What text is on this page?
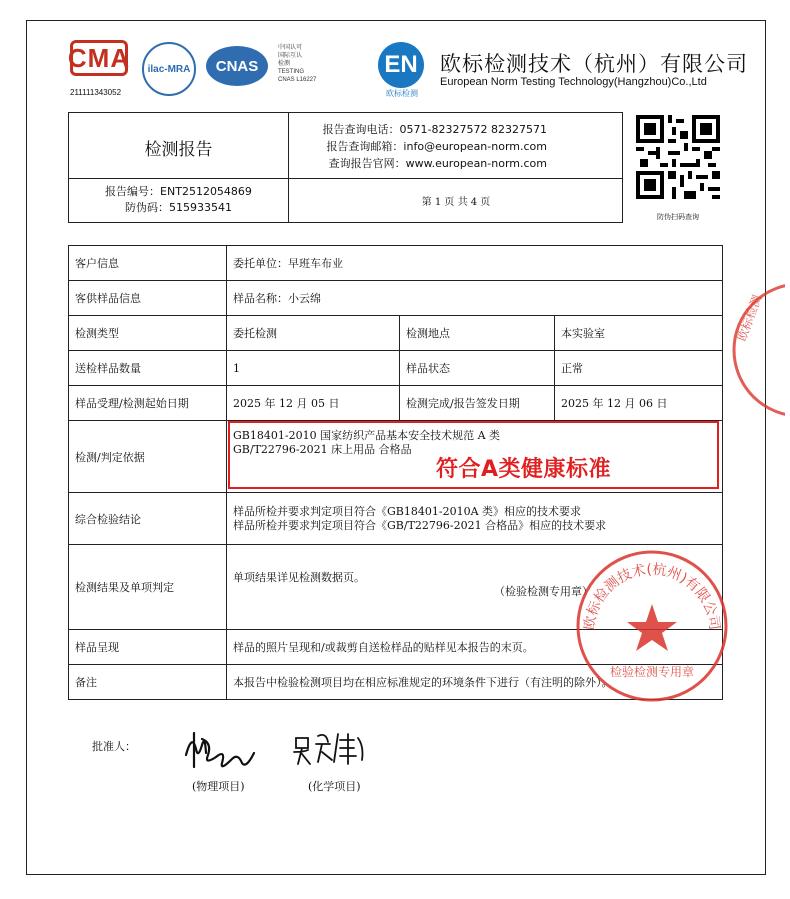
CMA
211111343052
ilac-MRA	CNAS
中国认可
国际互认
检测
TESTING
CNAS L16227
EN
欧标检测
欧标检测技术（杭州）有限公司
European Norm Testing Technology(Hangzhou)Co.,Ltd
检测报告
报告查询电话：0571-82327572 82327571
报告查询邮箱：info@european-norm.com
查询报告官网：www.european-norm.com
报告编号：ENT2512054869
防伪码：515933541	第 1 页 共 4 页
防伪扫码查询
客户信息	委托单位：早班车布业		
客供样品信息	样品名称：小云绵		
检测类型	委托检测	检测地点	本实验室
送检样品数量	1	样品状态	正常
样品受理/检测起始日期	2025 年 12 月 05 日	检测完成/报告签发日期	2025 年 12 月 06 日
检测/判定依据	GB18401-2010 国家纺织产品基本安全技术规范 A 类
GB/T22796-2021 床上用品 合格品		

综合检验结论	样品所检并要求判定项目符合《GB18401-2010A 类》相应的技术要求
样品所检并要求判定项目符合《GB/T22796-2021 合格品》相应的技术要求		

检测结果及单项判定	单项结果详见检测数据页。		

样品呈现	样品的照片呈现和/或裁剪自送检样品的贴样见本报告的末页。		
备注	本报告中检验检测项目均在相应标准规定的环境条件下进行（有注明的除外）。		
（检验检测专用章）
符合A类健康标准
批准人：
(物理项目)	(化学项目)
欧标检测技术(杭州)有限公司
检验检测专用章
欧标检测
